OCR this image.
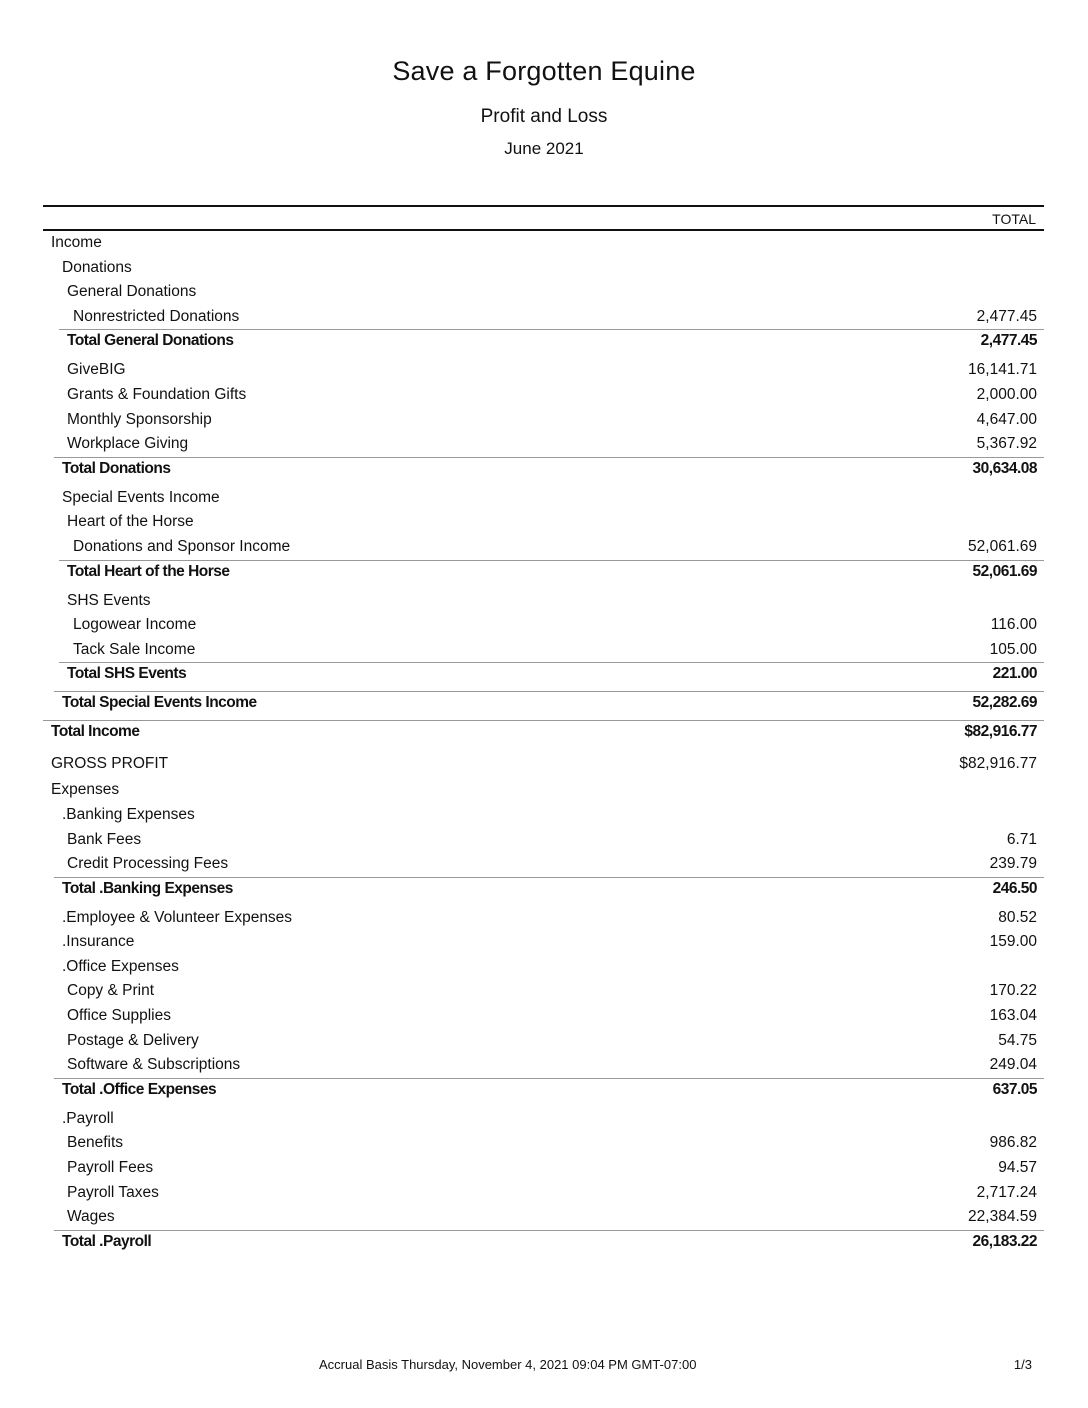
Save a Forgotten Equine
Profit and Loss
June 2021
TOTAL
Income
Donations
General Donations
Nonrestricted Donations	2,477.45
Total General Donations	2,477.45
GiveBIG	16,141.71
Grants & Foundation Gifts	2,000.00
Monthly Sponsorship	4,647.00
Workplace Giving	5,367.92
Total Donations	30,634.08
Special Events Income
Heart of the Horse
Donations and Sponsor Income	52,061.69
Total Heart of the Horse	52,061.69
SHS Events
Logowear Income	116.00
Tack Sale Income	105.00
Total SHS Events	221.00
Total Special Events Income	52,282.69
Total Income	$82,916.77
GROSS PROFIT	$82,916.77
Expenses
.Banking Expenses
Bank Fees	6.71
Credit Processing Fees	239.79
Total .Banking Expenses	246.50
.Employee & Volunteer Expenses	80.52
.Insurance	159.00
.Office Expenses
Copy & Print	170.22
Office Supplies	163.04
Postage & Delivery	54.75
Software & Subscriptions	249.04
Total .Office Expenses	637.05
.Payroll
Benefits	986.82
Payroll Fees	94.57
Payroll Taxes	2,717.24
Wages	22,384.59
Total .Payroll	26,183.22
Accrual Basis Thursday, November 4, 2021 09:04 PM GMT-07:00	1/3
